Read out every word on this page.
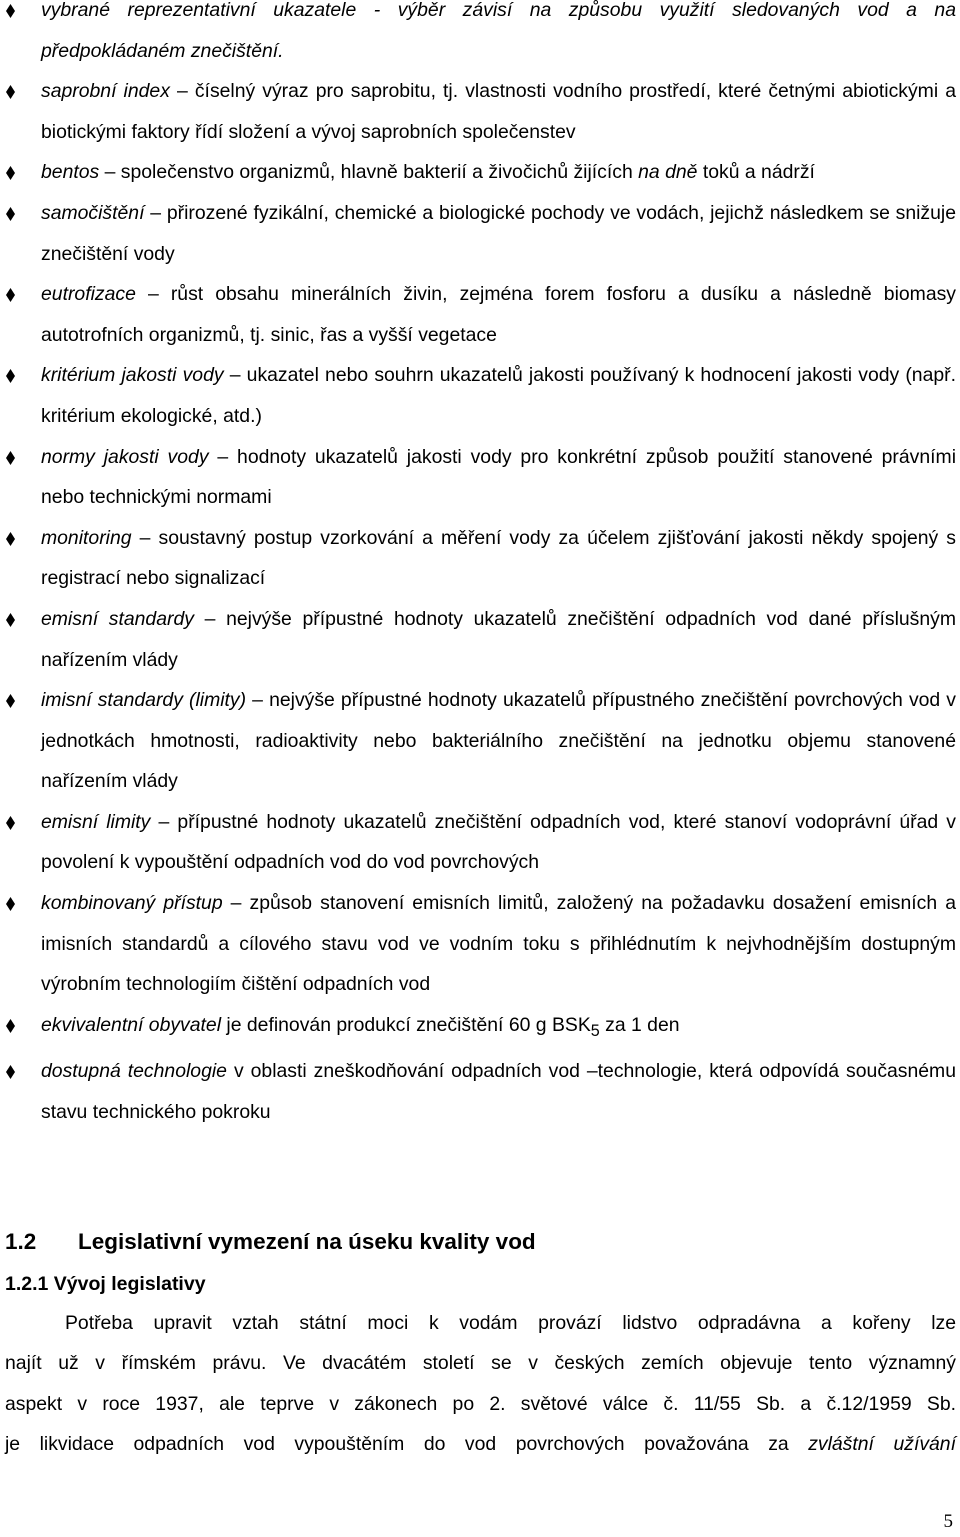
vybrané reprezentativní ukazatele - výběr závisí na způsobu využití sledovaných vod a na předpokládaném znečištění.
saprobní index – číselný výraz pro saprobitu, tj. vlastnosti vodního prostředí, které četnými abiotickými a biotickými faktory řídí složení a vývoj saprobních společenstev
bentos – společenstvo organizmů, hlavně bakterií a živočichů žijících na dně toků a nádrží
samočištění – přirozené fyzikální, chemické a biologické pochody ve vodách, jejichž následkem se snižuje znečištění vody
eutrofizace – růst obsahu minerálních živin, zejména forem fosforu a dusíku a následně biomasy autotrofních organizmů, tj. sinic, řas a vyšší vegetace
kritérium jakosti vody – ukazatel nebo souhrn ukazatelů jakosti používaný k hodnocení jakosti vody (např. kritérium ekologické, atd.)
normy jakosti vody – hodnoty ukazatelů jakosti vody pro konkrétní způsob použití stanovené právními nebo technickými normami
monitoring – soustavný postup vzorkování a měření vody za účelem zjišťování jakosti někdy spojený s registrací nebo signalizací
emisní standardy – nejvýše přípustné hodnoty ukazatelů znečištění odpadních vod dané příslušným nařízením vlády
imisní standardy (limity) – nejvýše přípustné hodnoty ukazatelů přípustného znečištění povrchových vod v jednotkách hmotnosti, radioaktivity nebo bakteriálního znečištění na jednotku objemu stanovené nařízením vlády
emisní limity – přípustné hodnoty ukazatelů znečištění odpadních vod, které stanoví vodoprávní úřad v povolení k vypouštění odpadních vod do vod povrchových
kombinovaný přístup – způsob stanovení emisních limitů, založený na požadavku dosažení emisních a imisních standardů a cílového stavu vod ve vodním toku s přihlédnutím k nejvhodnějším dostupným výrobním technologiím čištění odpadních vod
ekvivalentní obyvatel je definován produkcí znečištění 60 g $BSK_5$ za 1 den
dostupná technologie v oblasti zneškodňování odpadních vod –technologie, která odpovídá současnému stavu technického pokroku
1.2 Legislativní vymezení na úseku kvality vod
1.2.1 Vývoj legislativy
Potřeba upravit vztah státní moci k vodám provází lidstvo odpradávna a kořeny lze
najít už v římském právu. Ve dvacátém století se v českých zemích objevuje tento významný
aspekt v roce 1937, ale teprve v zákonech po 2. světové válce č. 11/55 Sb. a č.12/1959 Sb.
je likvidace odpadních vod vypouštěním do vod povrchových považována za zvláštní užívání
5
